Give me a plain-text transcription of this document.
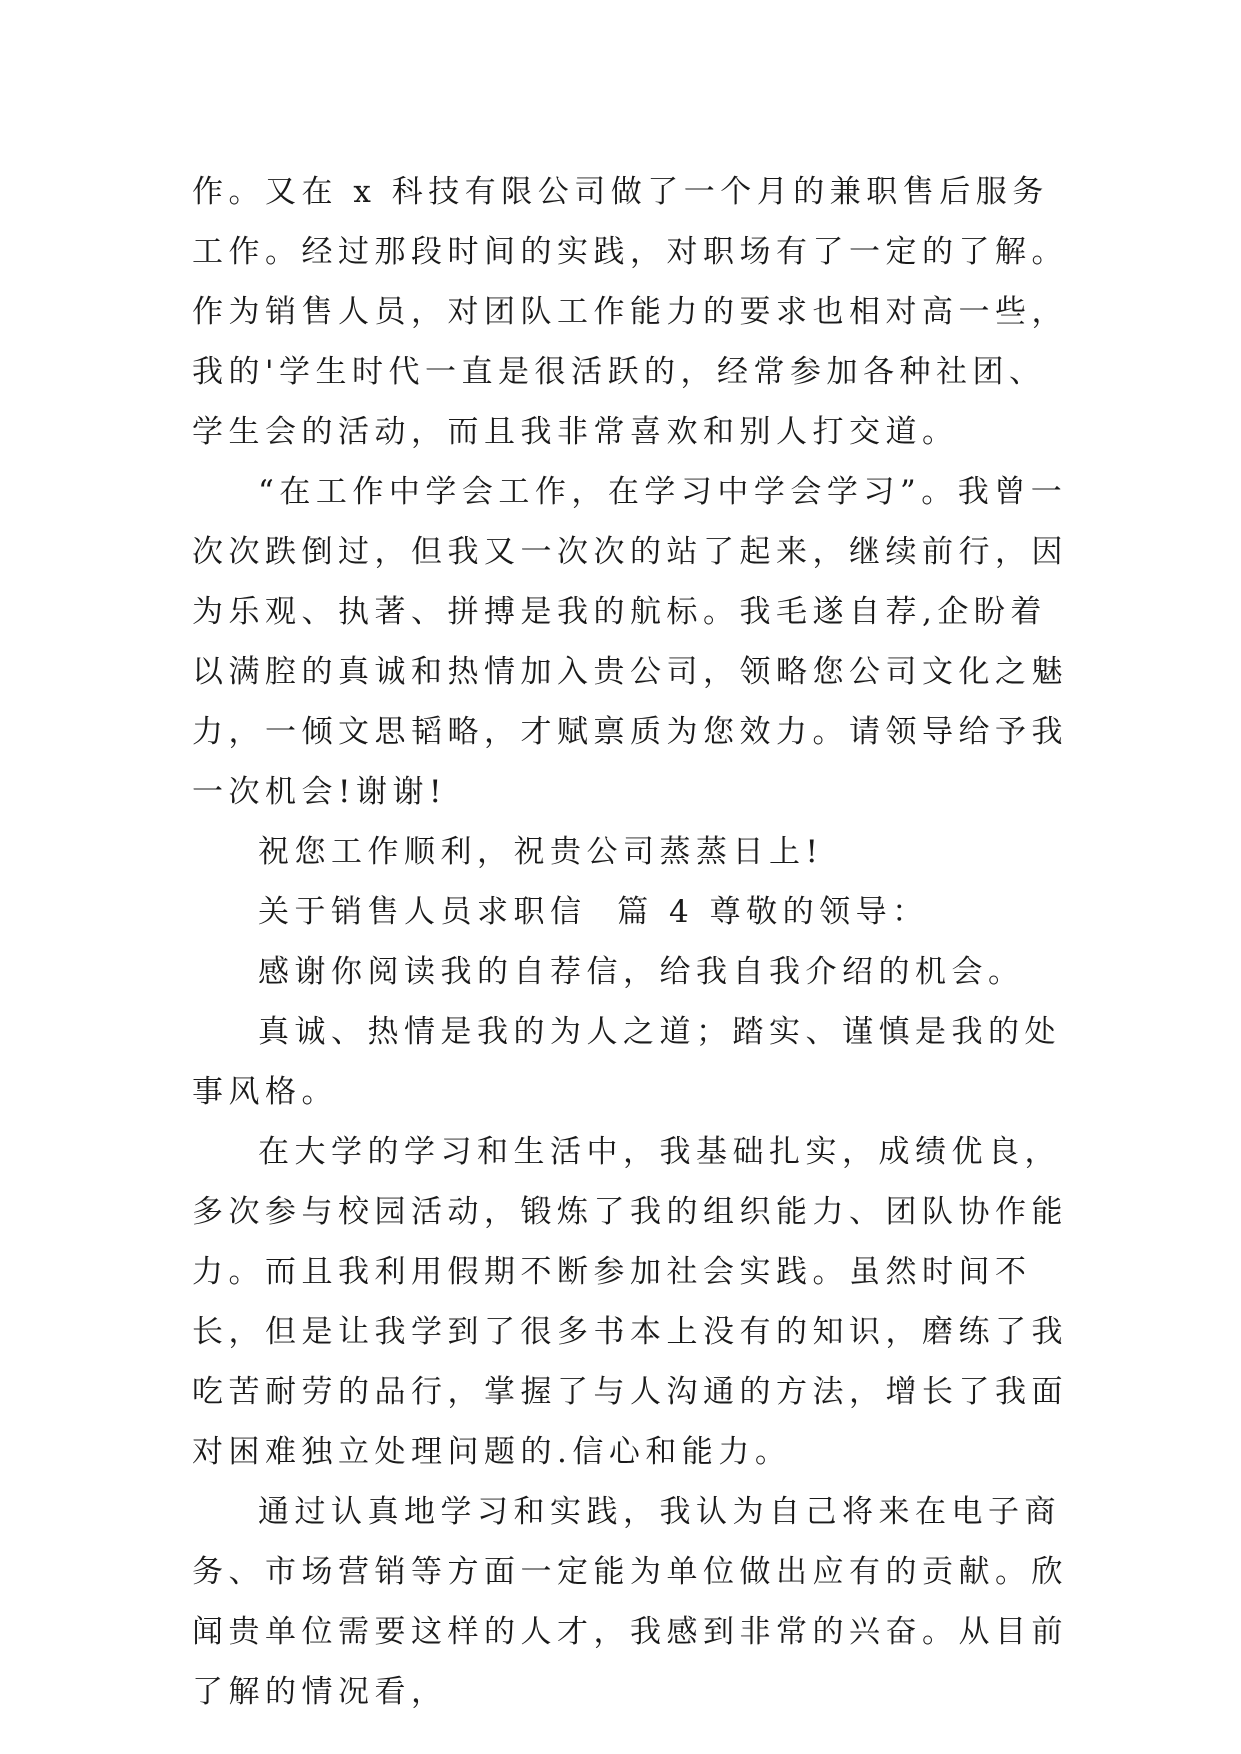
作。又在 x 科技有限公司做了一个月的兼职售后服务工作。经过那段时间的实践，对职场有了一定的了解。作为销售人员，对团队工作能力的要求也相对高一些，我的'学生时代一直是很活跃的，经常参加各种社团、学生会的活动，而且我非常喜欢和别人打交道。

“在工作中学会工作，在学习中学会学习”。我曾一次次跌倒过，但我又一次次的站了起来，继续前行，因为乐观、执著、拼搏是我的航标。我毛遂自荐,企盼着以满腔的真诚和热情加入贵公司，领略您公司文化之魅力，一倾文思韬略，才赋禀质为您效力。请领导给予我一次机会!谢谢!

祝您工作顺利，祝贵公司蒸蒸日上!

关于销售人员求职信  篇 4 尊敬的领导：

感谢你阅读我的自荐信，给我自我介绍的机会。

真诚、热情是我的为人之道；踏实、谨慎是我的处事风格。

在大学的学习和生活中，我基础扎实，成绩优良，多次参与校园活动，锻炼了我的组织能力、团队协作能力。而且我利用假期不断参加社会实践。虽然时间不长，但是让我学到了很多书本上没有的知识，磨练了我吃苦耐劳的品行，掌握了与人沟通的方法，增长了我面对困难独立处理问题的.信心和能力。

通过认真地学习和实践，我认为自己将来在电子商务、市场营销等方面一定能为单位做出应有的贡献。欣闻贵单位需要这样的人才，我感到非常的兴奋。从目前了解的情况看，
